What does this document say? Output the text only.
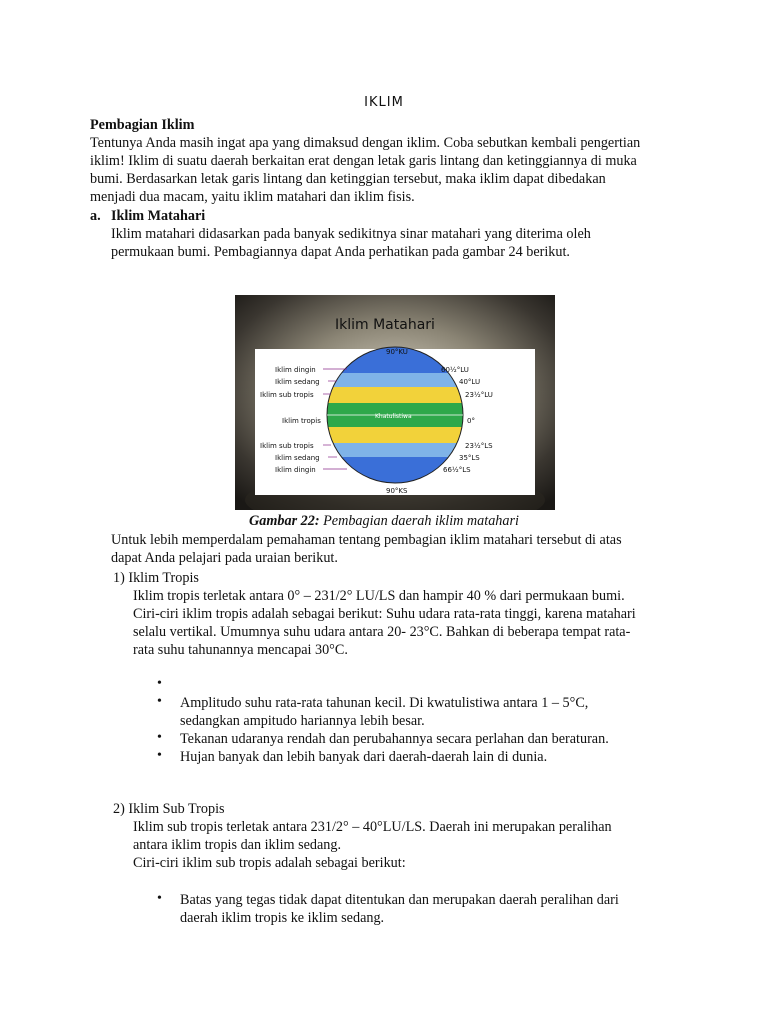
IKLIM
Pembagian Iklim
Tentunya Anda masih ingat apa yang dimaksud dengan iklim. Coba sebutkan kembali pengertian
iklim! Iklim di suatu daerah berkaitan erat dengan letak garis lintang dan ketinggiannya di muka
bumi. Berdasarkan letak garis lintang dan ketinggian tersebut, maka iklim dapat dibedakan
menjadi dua macam, yaitu iklim matahari dan iklim fisis.
a. Iklim Matahari
Iklim matahari didasarkan pada banyak sedikitnya sinar matahari yang diterima oleh
permukaan bumi. Pembagiannya dapat Anda perhatikan pada gambar 24 berikut.
Iklim Matahari
Khatulistiwa
90°KU
90°KS
Iklim dingin
Iklim sedang
Iklim sub tropis
Iklim tropis
Iklim sub tropis
Iklim sedang
Iklim dingin
60½°LU
40°LU
23½°LU
0°
23½°LS
35°LS
66½°LS
Gambar 22: Pembagian daerah iklim matahari
Untuk lebih memperdalam pemahaman tentang pembagian iklim matahari tersebut di atas
dapat Anda pelajari pada uraian berikut.
1) Iklim Tropis
Iklim tropis terletak antara 0° – 231/2° LU/LS dan hampir 40 % dari permukaan bumi.
Ciri-ciri iklim tropis adalah sebagai berikut: Suhu udara rata-rata tinggi, karena matahari
selalu vertikal. Umumnya suhu udara antara 20- 23°C. Bahkan di beberapa tempat rata-
rata suhu tahunannya mencapai 30°C.
•
• Amplitudo suhu rata-rata tahunan kecil. Di kwatulistiwa antara 1 – 5°C,
sedangkan ampitudo hariannya lebih besar.
• Tekanan udaranya rendah dan perubahannya secara perlahan dan beraturan.
• Hujan banyak dan lebih banyak dari daerah-daerah lain di dunia.
2) Iklim Sub Tropis
Iklim sub tropis terletak antara 231/2° – 40°LU/LS. Daerah ini merupakan peralihan
antara iklim tropis dan iklim sedang.
Ciri-ciri iklim sub tropis adalah sebagai berikut:
• Batas yang tegas tidak dapat ditentukan dan merupakan daerah peralihan dari
daerah iklim tropis ke iklim sedang.
